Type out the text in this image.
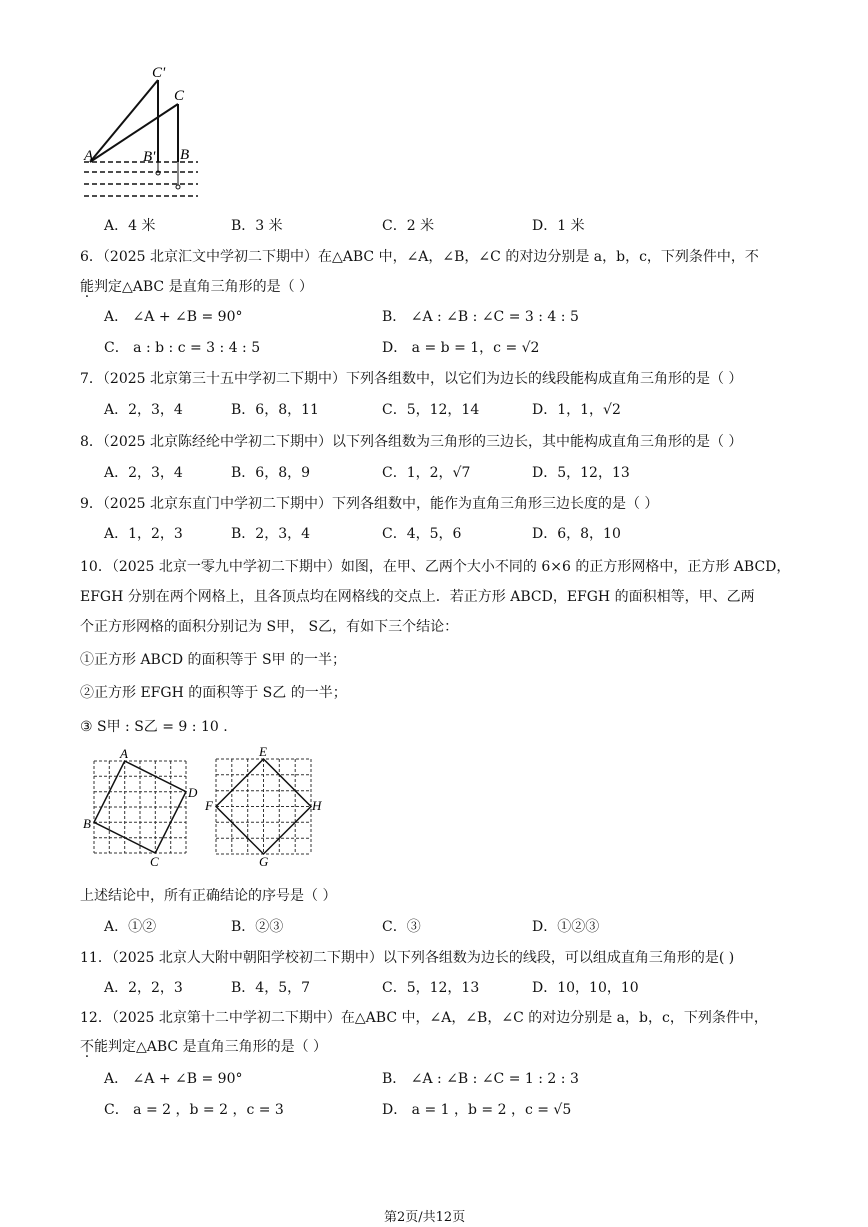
C'
C
A	B' B
A．4 米	B．3 米	C．2 米	D．1 米
6．（2025 北京汇文中学初二下期中）在△ABC 中，∠A，∠B，∠C 的对边分别是 a，b，c，下列条件中，不
能判定△ABC 是直角三角形的是（ ）
A． ∠A + ∠B = 90°	B． ∠A : ∠B : ∠C = 3 : 4 : 5
C． a : b : c = 3 : 4 : 5	D． a = b = 1，c = √2
7．（2025 北京第三十五中学初二下期中）下列各组数中，以它们为边长的线段能构成直角三角形的是（ ）
A．2，3，4	B．6，8，11	C．5，12，14	D．1，1，√2
8．（2025 北京陈经纶中学初二下期中）以下列各组数为三角形的三边长，其中能构成直角三角形的是（ ）
A．2，3，4	B．6，8，9	C．1，2，√7	D．5，12，13
9．（2025 北京东直门中学初二下期中）下列各组数中，能作为直角三角形三边长度的是（ ）
A．1，2，3	B．2，3，4	C．4，5，6	D．6，8，10
10．（2025 北京一零九中学初二下期中）如图，在甲、乙两个大小不同的 6×6 的正方形网格中，正方形 ABCD，
EFGH 分别在两个网格上，且各顶点均在网格线的交点上．若正方形 ABCD，EFGH 的面积相等，甲、乙两
个正方形网格的面积分别记为 S甲， S乙，有如下三个结论：
①正方形 ABCD 的面积等于 S甲 的一半；
②正方形 EFGH 的面积等于 S乙 的一半；
③ S甲 : S乙 = 9 : 10 .
A
D
C
B
E
H
G
F
上述结论中，所有正确结论的序号是（ ）
A．①②	B．②③	C．③	D．①②③
11．（2025 北京人大附中朝阳学校初二下期中）以下列各组数为边长的线段，可以组成直角三角形的是( )
A．2，2，3	B．4，5，7	C．5，12，13	D．10，10，10
12．（2025 北京第十二中学初二下期中）在△ABC 中，∠A，∠B，∠C 的对边分别是 a，b，c，下列条件中，
不能判定△ABC 是直角三角形的是（ ）
A． ∠A + ∠B = 90°	B． ∠A : ∠B : ∠C = 1 : 2 : 3
C． a = 2 ，b = 2 ，c = 3	D． a = 1 ，b = 2 ，c = √5
第2页/共12页
